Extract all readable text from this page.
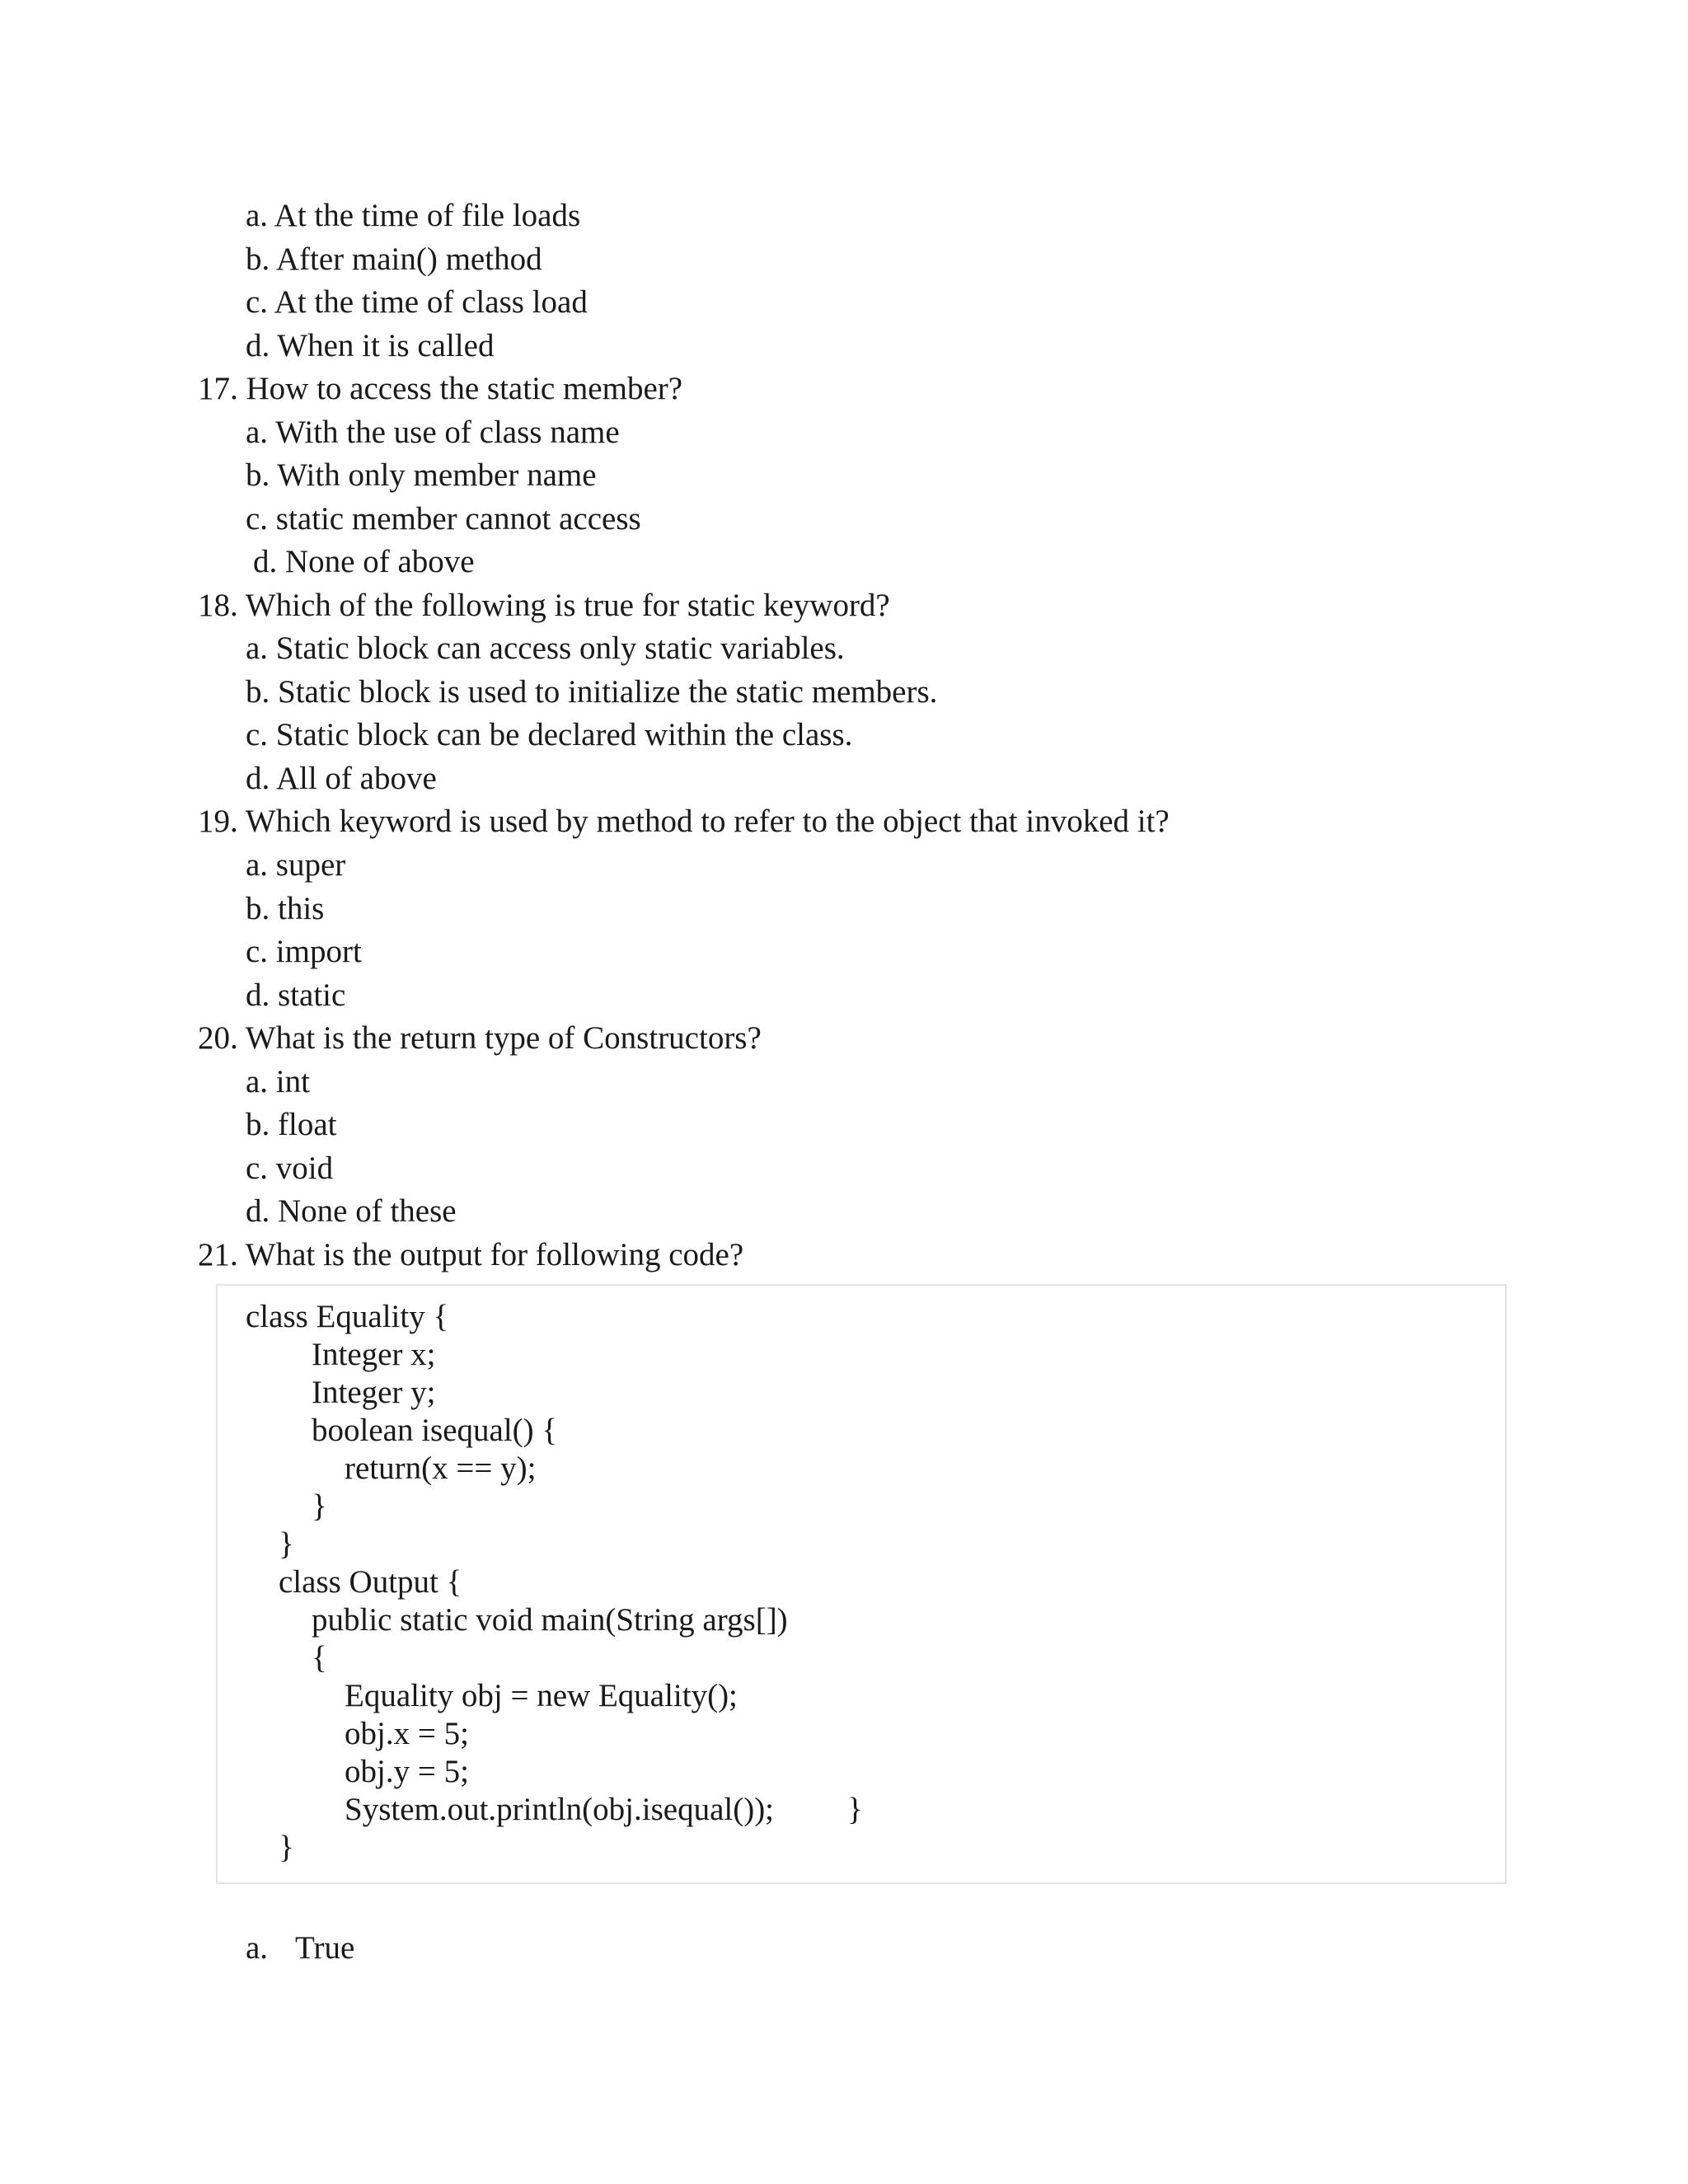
a. At the time of file loads
b. After main() method
c. At the time of class load
d. When it is called
17. How to access the static member?
a. With the use of class name
b. With only member name
c. static member cannot access
d. None of above
18. Which of the following is true for static keyword?
a. Static block can access only static variables.
b. Static block is used to initialize the static members.
c. Static block can be declared within the class.
d. All of above
19. Which keyword is used by method to refer to the object that invoked it?
a. super
b. this
c. import
d. static
20. What is the return type of Constructors?
a. int
b. float
c. void
d. None of these
21. What is the output for following code?
class Equality {
Integer x;
Integer y;
boolean isequal() {
return(x == y);
}
}
class Output {
public static void main(String args[])
{
Equality obj = new Equality();
obj.x = 5;
obj.y = 5;
System.out.println(obj.isequal()); }
}
a. True
